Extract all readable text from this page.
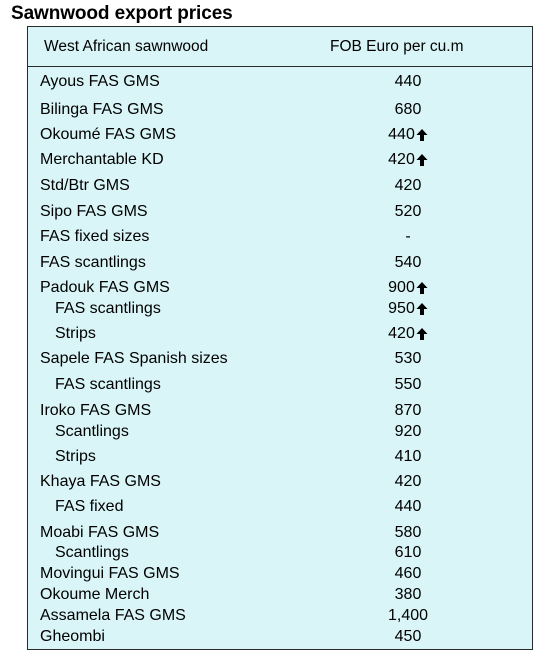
Sawnwood export prices
West African sawnwood	FOB Euro per cu.m
Ayous FAS GMS	440
Bilinga FAS GMS	680
Okoumé FAS GMS	440
Merchantable KD	420
Std/Btr GMS	420
Sipo FAS GMS	520
FAS fixed sizes	-
FAS scantlings	540
Padouk FAS GMS	900
FAS scantlings	950
Strips	420
Sapele FAS Spanish sizes	530
FAS scantlings	550
Iroko FAS GMS	870
Scantlings	920
Strips	410
Khaya FAS GMS	420
FAS fixed	440
Moabi FAS GMS	580
Scantlings	610
Movingui FAS GMS	460
Okoume Merch	380
Assamela FAS GMS	1,400
Gheombi	450
